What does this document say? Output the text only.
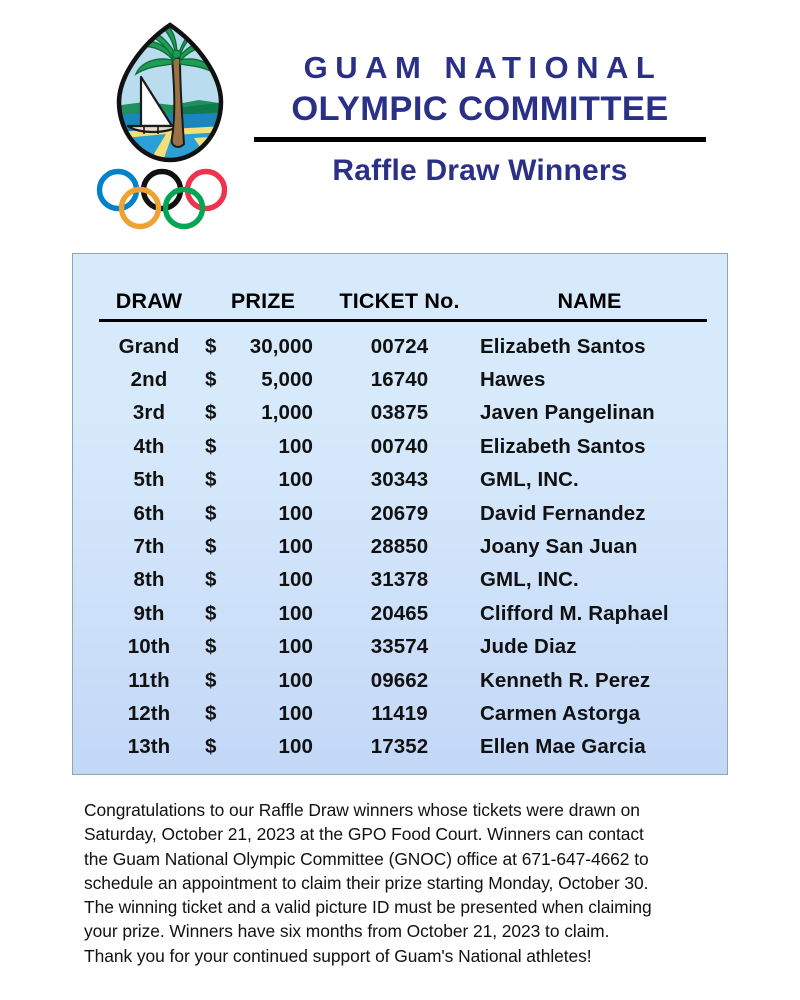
GUAM NATIONAL
OLYMPIC COMMITTEE
Raffle Draw Winners
DRAW	PRIZE		TICKET No.	NAME
Grand	$	30,000	00724	Elizabeth Santos
2nd	$	5,000	16740	Hawes
3rd	$	1,000	03875	Javen Pangelinan
4th	$	100	00740	Elizabeth Santos
5th	$	100	30343	GML, INC.
6th	$	100	20679	David Fernandez
7th	$	100	28850	Joany San Juan
8th	$	100	31378	GML, INC.
9th	$	100	20465	Clifford M. Raphael
10th	$	100	33574	Jude Diaz
11th	$	100	09662	Kenneth R. Perez
12th	$	100	11419	Carmen Astorga
13th	$	100	17352	Ellen Mae Garcia
Congratulations to our Raffle Draw winners whose tickets were drawn on
Saturday, October 21, 2023 at the GPO Food Court. Winners can contact
the Guam National Olympic Committee (GNOC) office at 671-647-4662 to
schedule an appointment to claim their prize starting Monday, October 30.
The winning ticket and a valid picture ID must be presented when claiming
your prize. Winners have six months from October 21, 2023 to claim.
Thank you for your continued support of Guam's National athletes!
